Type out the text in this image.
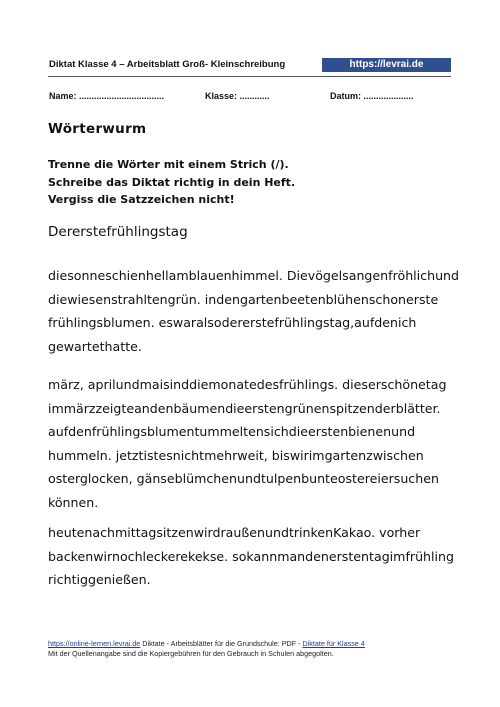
Diktat Klasse 4 – Arbeitsblatt Groß- Kleinschreibung	https://levrai.de
Name: ..................................	Klasse: ............	Datum: ....................
Wörterwurm
Trenne die Wörter mit einem Strich (/).
Schreibe das Diktat richtig in dein Heft.
Vergiss die Satzzeichen nicht!
Dererstefrühlingstag
diesonneschienhellamblauenhimmel. Dievögelsangenfröhlichund
diewiesenstrahltengrün. indengartenbeetenblühenschonerste
frühlingsblumen. eswaralsodererstefrühlingstag,aufdenich
gewartethatte.
märz, aprilundmaisinddiemonatedesfrühlings. dieserschönetag
immärzzeigteandenbäumendieerstengrünenspitzenderblätter.
aufdenfrühlingsblumentummeltensichdieerstenbienenund
hummeln. jetztistesnichtmehrweit, biswirimgartenzwischen
osterglocken, gänseblümchenundtulpenbunteostereiersuchen
können.
heutenachmittagsitzenwirdraußenundtrinkenKakao. vorher
backenwirnochleckerekekse. sokannmandenerstentagimfrühling
richtiggenießen.
https://online-lernen.levrai.de Diktate - Arbeitsblätter für die Grundschule: PDF - Diktate für Klasse 4
Mit der Quellenangabe sind die Kopiergebühren für den Gebrauch in Schulen abgegolten.
